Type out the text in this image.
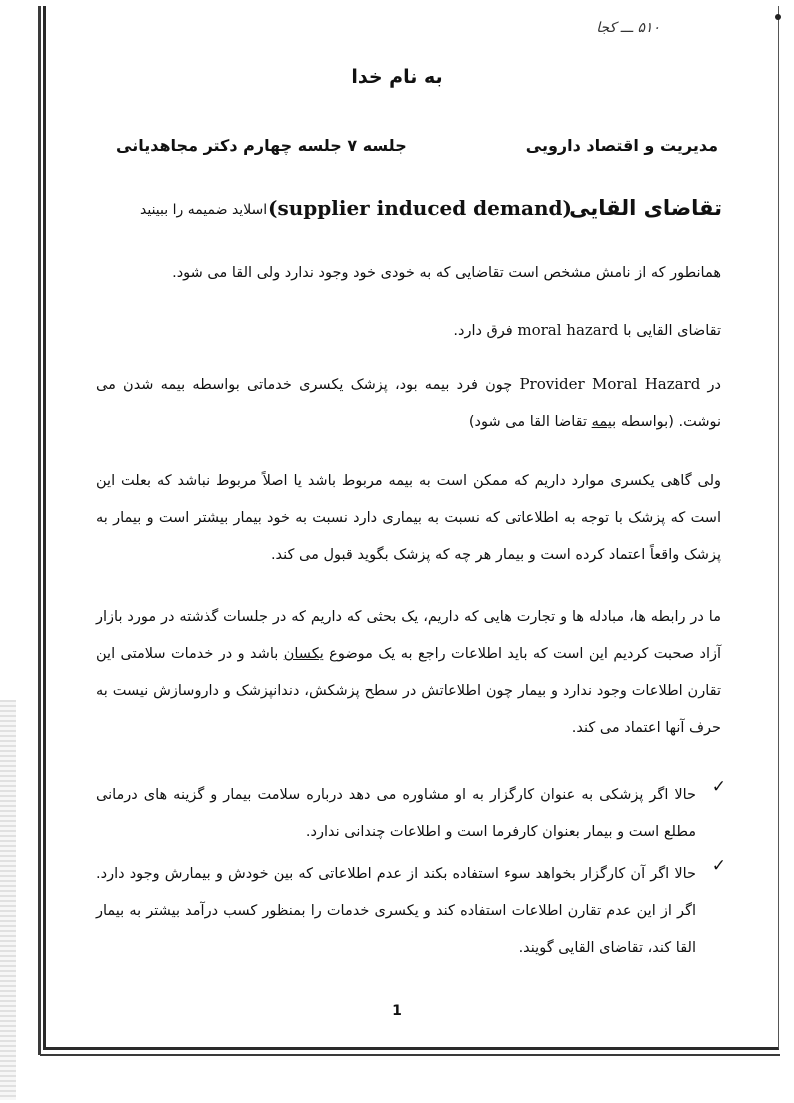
۵۱۰ ـــ کجا
به نام خدا
مدیریت و اقتصاد دارویی
جلسه ۷ جلسه چهارم دکتر مجاهدیانی
تقاضای القایی
(supplier induced demand)
اسلاید ضمیمه را ببینید
همانطور که از نامش مشخص است تقاضایی که به خودی خود وجود ندارد ولی القا می شود.
تقاضای القایی با moral hazard فرق دارد.
در Provider Moral Hazard چون فرد بیمه بود، پزشک یکسری خدماتی بواسطه بیمه شدن می نوشت. (بواسطه بیمه تقاضا القا می شود)
ولی گاهی یکسری موارد داریم که ممکن است به بیمه مربوط باشد یا اصلاً مربوط نباشد که بعلت این است که پزشک با توجه به اطلاعاتی که نسبت به بیماری دارد نسبت به خود بیمار بیشتر است و بیمار به پزشک واقعاً اعتماد کرده است و بیمار هر چه که پزشک بگوید قبول می کند.
ما در رابطه ها، مبادله ها و تجارت هایی که داریم، یک بحثی که داریم که در جلسات گذشته در مورد بازار آزاد صحبت کردیم این است که باید اطلاعات راجع به یک موضوع یکسان باشد و در خدمات سلامتی این تقارن اطلاعات وجود ندارد و بیمار چون اطلاعاتش در سطح پزشکش، دندانپزشک و داروسازش نیست به حرف آنها اعتماد می کند.
✓
حالا اگر پزشکی به عنوان کارگزار به او مشاوره می دهد درباره سلامت بیمار و گزینه های درمانی مطلع است و بیمار بعنوان کارفرما است و اطلاعات چندانی ندارد.
✓
حالا اگر آن کارگزار بخواهد سوء استفاده بکند از عدم اطلاعاتی که بین خودش و بیمارش وجود دارد. اگر از این عدم تقارن اطلاعات استفاده کند و یکسری خدمات را بمنظور کسب درآمد بیشتر به بیمار القا کند، تقاضای القایی گویند.
1
